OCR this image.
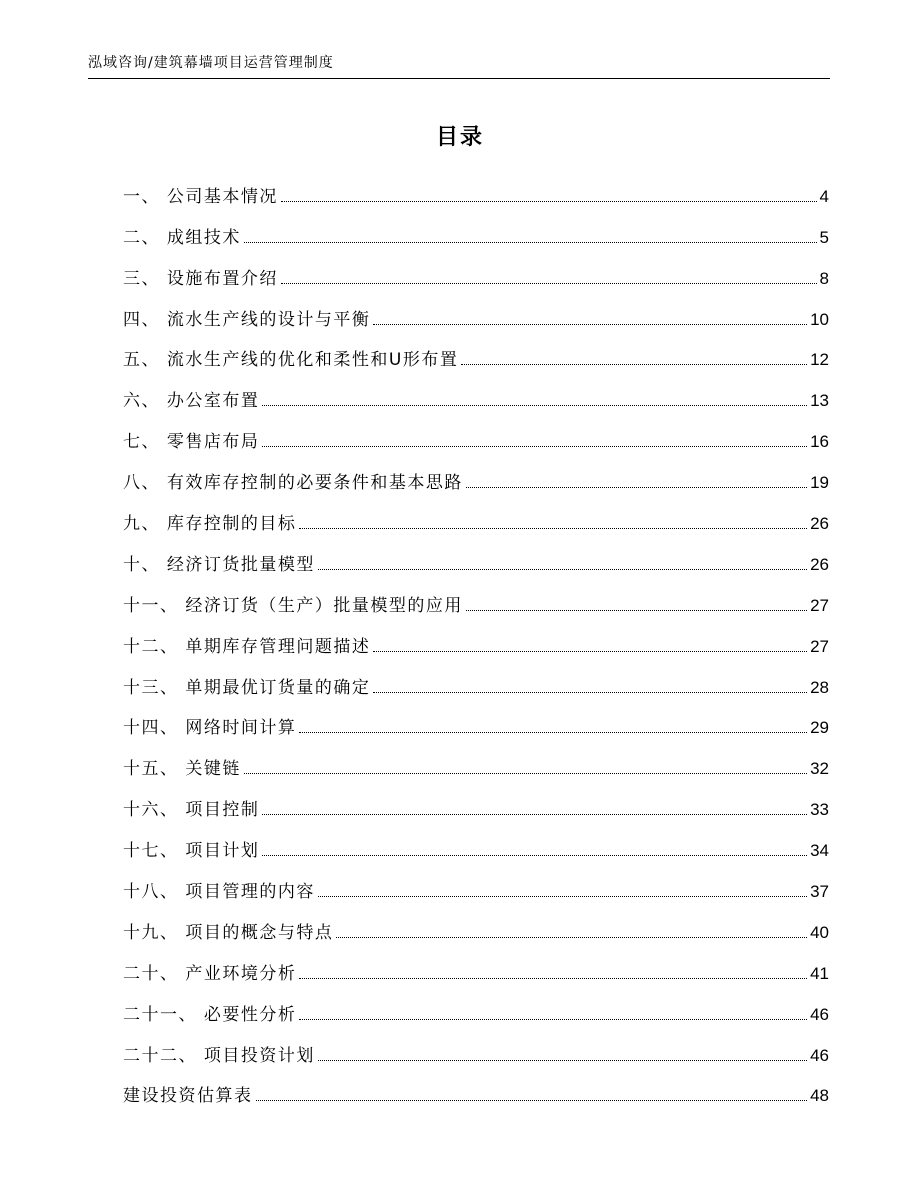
泓域咨询/建筑幕墙项目运营管理制度
目录
一、 公司基本情况	4
二、 成组技术	5
三、 设施布置介绍	8
四、 流水生产线的设计与平衡	10
五、 流水生产线的优化和柔性和U形布置	12
六、 办公室布置	13
七、 零售店布局	16
八、 有效库存控制的必要条件和基本思路	19
九、 库存控制的目标	26
十、 经济订货批量模型	26
十一、 经济订货（生产）批量模型的应用	27
十二、 单期库存管理问题描述	27
十三、 单期最优订货量的确定	28
十四、 网络时间计算	29
十五、 关键链	32
十六、 项目控制	33
十七、 项目计划	34
十八、 项目管理的内容	37
十九、 项目的概念与特点	40
二十、 产业环境分析	41
二十一、 必要性分析	46
二十二、 项目投资计划	46
建设投资估算表	48
